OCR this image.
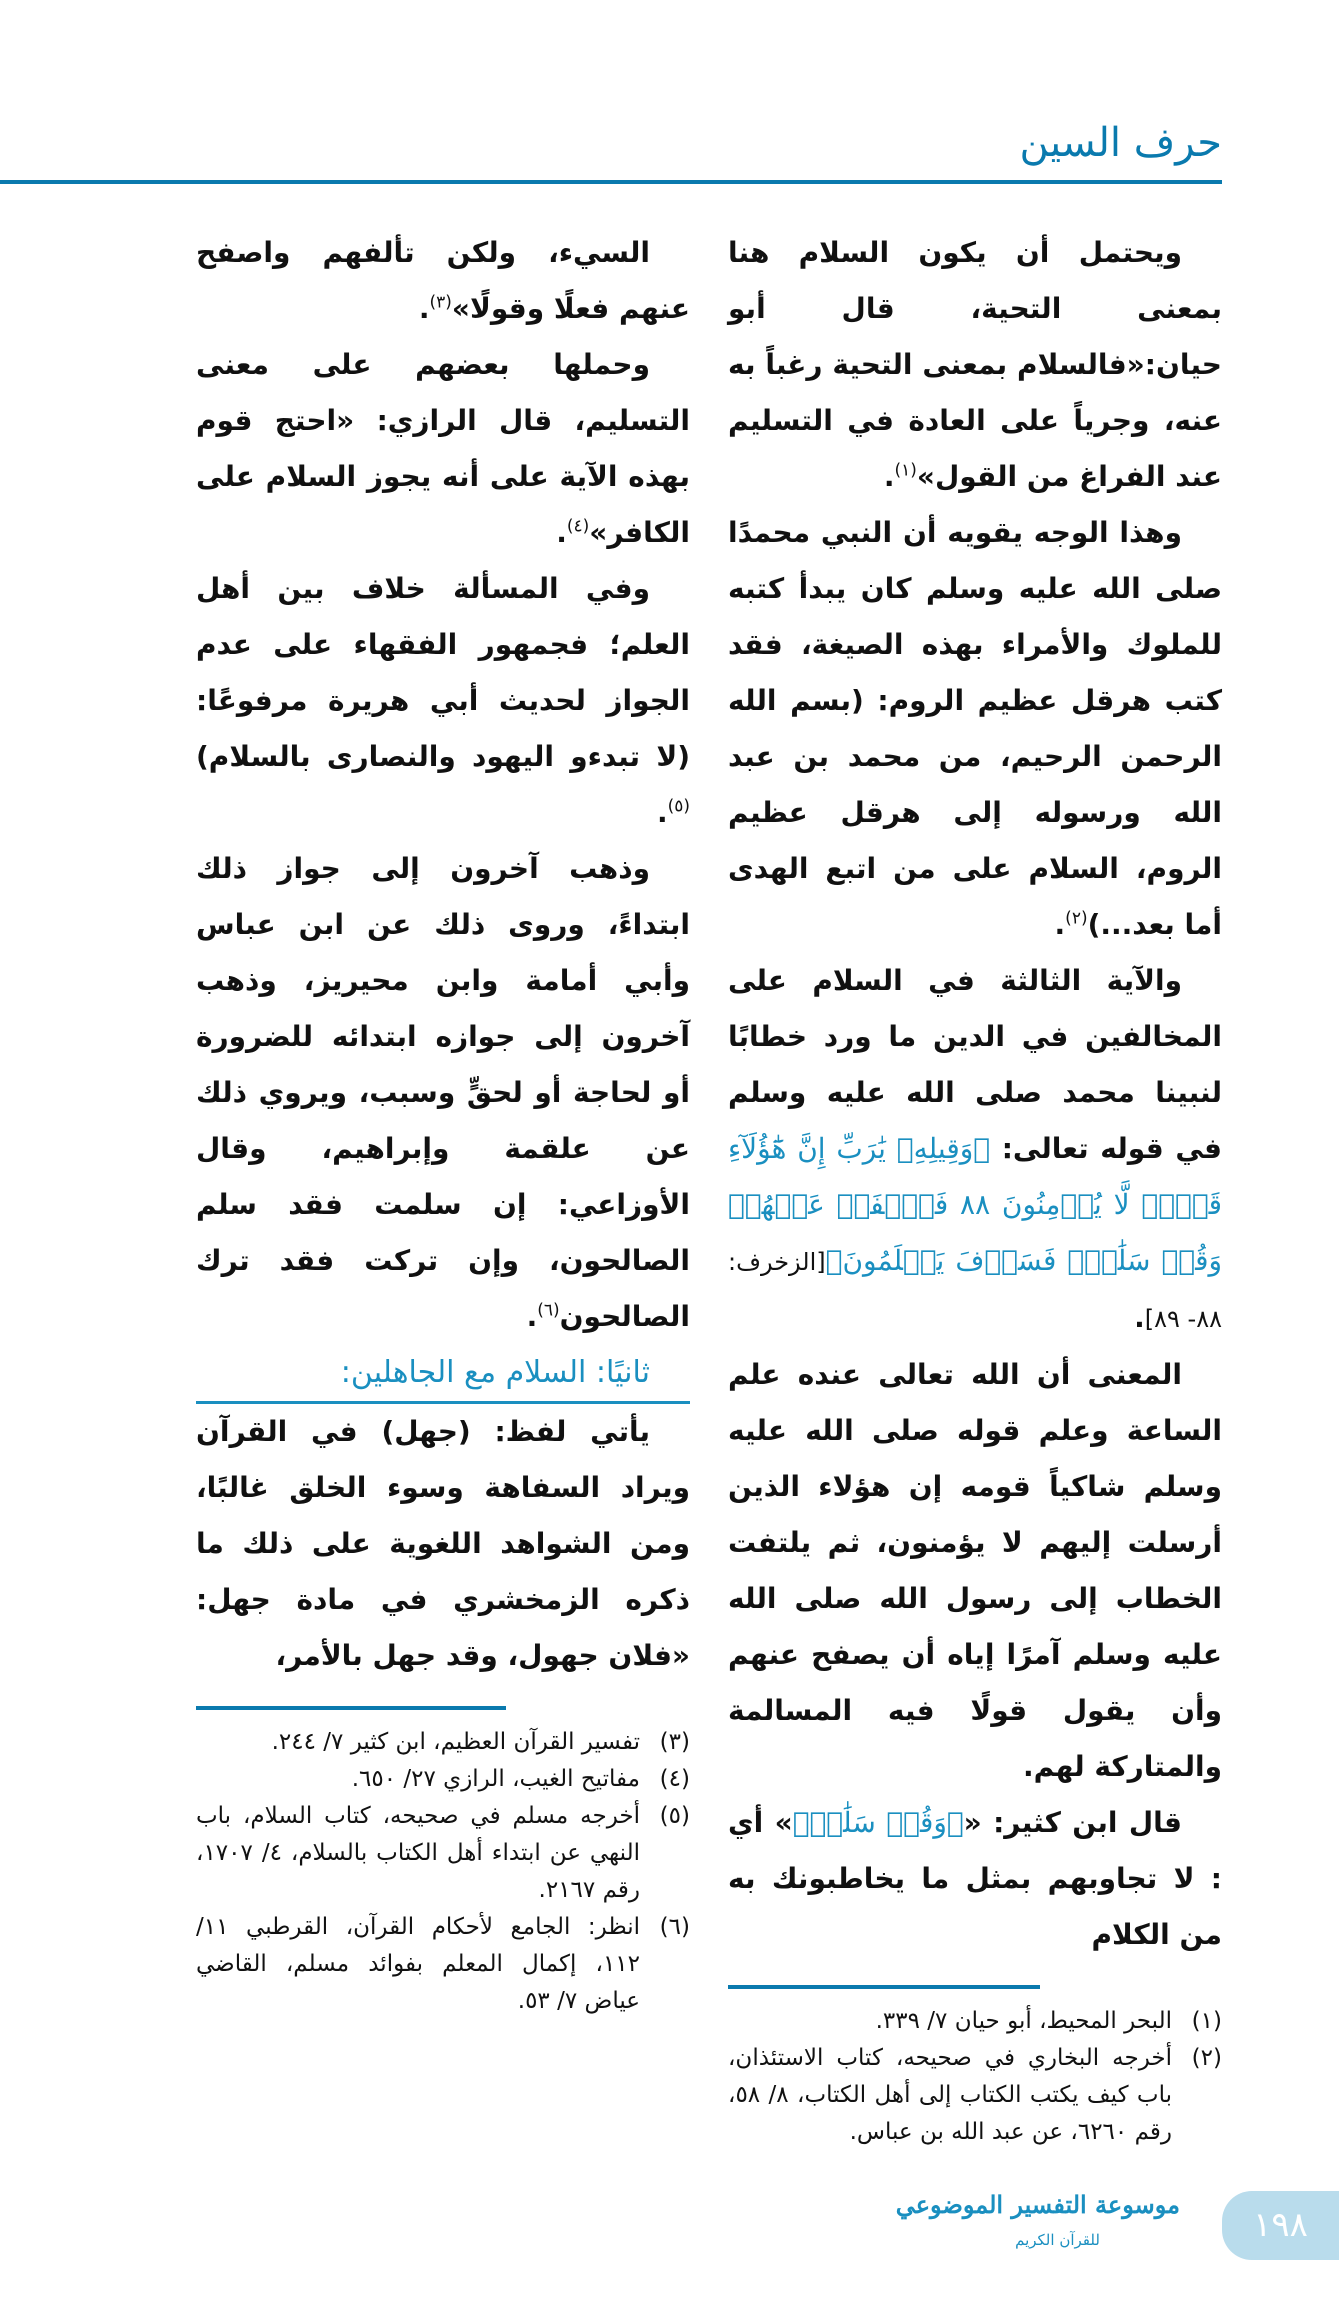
حرف السين

السيء، ولكن تألفهم واصفح عنهم فعلًا وقولًا»$^{(٣)}$.

وحملها بعضهم على معنى التسليم، قال الرازي: «احتج قوم بهذه الآية على أنه يجوز السلام على الكافر»$^{(٤)}$.

وفي المسألة خلاف بين أهل العلم؛ فجمهور الفقهاء على عدم الجواز لحديث أبي هريرة مرفوعًا: (لا تبدءو اليهود والنصارى بالسلام)$^{(٥)}$.

وذهب آخرون إلى جواز ذلك ابتداءً، وروى ذلك عن ابن عباس وأبي أمامة وابن محيريز، وذهب آخرون إلى جوازه ابتدائه للضرورة أو لحاجة أو لحقٍّ وسبب، ويروي ذلك عن علقمة وإبراهيم، وقال الأوزاعي: إن سلمت فقد سلم الصالحون، وإن تركت فقد ترك الصالحون$^{(٦)}$.

ثانيًا: السلام مع الجاهلين:

يأتي لفظ: (جهل) في القرآن ويراد السفاهة وسوء الخلق غالبًا، ومن الشواهد اللغوية على ذلك ما ذكره الزمخشري في مادة جهل: «فلان جهول، وقد جهل بالأمر،

(٣)تفسير القرآن العظيم، ابن كثير ٧/ ٢٤٤.
(٤)مفاتيح الغيب، الرازي ٢٧/ ٦٥٠.
(٥)أخرجه مسلم في صحيحه، كتاب السلام، باب النهي عن ابتداء أهل الكتاب بالسلام، ٤/ ١٧٠٧، رقم ٢١٦٧.
(٦)انظر: الجامع لأحكام القرآن، القرطبي ١١/ ١١٢، إكمال المعلم بفوائد مسلم، القاضي عياض ٧/ ٥٣.

ويحتمل أن يكون السلام هنا بمعنى التحية، قال أبو حيان:«فالسلام بمعنى التحية رغباً به عنه، وجرياً على العادة في التسليم عند الفراغ من القول»$^{(١)}$.

وهذا الوجه يقويه أن النبي محمدًا صلى الله عليه وسلم كان يبدأ كتبه للملوك والأمراء بهذه الصيغة، فقد كتب هرقل عظيم الروم: (بسم الله الرحمن الرحيم، من محمد بن عبد الله ورسوله إلى هرقل عظيم الروم، السلام على من اتبع الهدى أما بعد...)$^{(٢)}$.

والآية الثالثة في السلام على المخالفين في الدين ما ورد خطابًا لنبينا محمد صلى الله عليه وسلم في قوله تعالى: ﴿وَقِيلِهِۦ يَٰرَبِّ إِنَّ هَٰٓؤُلَآءِ قَوۡمٞ لَّا يُؤۡمِنُونَ ٨٨ فَٱصۡفَحۡ عَنۡهُمۡ وَقُلۡ سَلَٰمٞۚ فَسَوۡفَ يَعۡلَمُونَ﴾[الزخرف: ٨٨- ٨٩].

المعنى أن الله تعالى عنده علم الساعة وعلم قوله صلى الله عليه وسلم شاكياً قومه إن هؤلاء الذين أرسلت إليهم لا يؤمنون، ثم يلتفت الخطاب إلى رسول الله صلى الله عليه وسلم آمرًا إياه أن يصفح عنهم وأن يقول قولًا فيه المسالمة والمتاركة لهم.

قال ابن كثير: «﴿وَقُلۡ سَلَٰمٞ﴾» أي : لا تجاوبهم بمثل ما يخاطبونك به من الكلام

(١)البحر المحيط، أبو حيان ٧/ ٣٣٩.
(٢)أخرجه البخاري في صحيحه، كتاب الاستئذان، باب كيف يكتب الكتاب إلى أهل الكتاب، ٨/ ٥٨، رقم ٦٢٦٠، عن عبد الله بن عباس.
موسوعة التفسير الموضوعي
للقرآن الكريم	١٩٨
